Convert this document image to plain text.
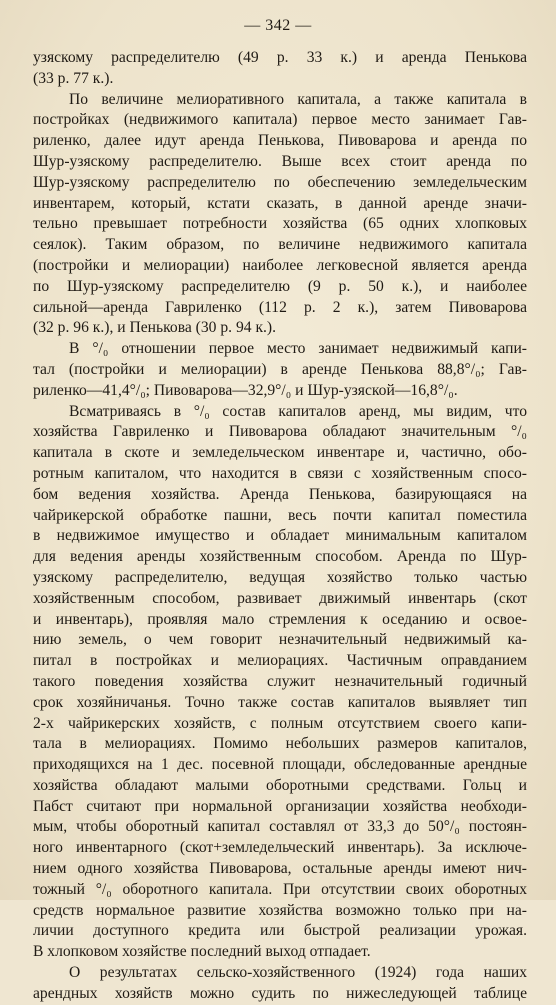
— 342 —
узяскому распределителю (49 р. 33 к.) и аренда Пенькова
(33 р. 77 к.).
По величине мелиоративного капитала, а также капитала в
постройках (недвижимого капитала) первое место занимает Гав-
риленко, далее идут аренда Пенькова, Пивоварова и аренда по
Шур-узяскому распределителю. Выше всех стоит аренда по
Шур-узяскому распределителю по обеспечению земледельческим
инвентарем, который, кстати сказать, в данной аренде значи-
тельно превышает потребности хозяйства (65 одних хлопковых
сеялок). Таким образом, по величине недвижимого капитала
(постройки и мелиорации) наиболее легковесной является аренда
по Шур-узяскому распределителю (9 р. 50 к.), и наиболее
сильной—аренда Гавриленко (112 р. 2 к.), затем Пивоварова
(32 р. 96 к.), и Пенькова (30 р. 94 к.).
В °/₀ отношении первое место занимает недвижимый капи-
тал (постройки и мелиорации) в аренде Пенькова 88,8°/₀; Гав-
риленко—41,4°/₀; Пивоварова—32,9°/₀ и Шур-узяской—16,8°/₀.
Всматриваясь в °/₀ состав капиталов аренд, мы видим, что
хозяйства Гавриленко и Пивоварова обладают значительным °/₀
капитала в скоте и земледельческом инвентаре и, частично, обо-
ротным капиталом, что находится в связи с хозяйственным спосо-
бом ведения хозяйства. Аренда Пенькова, базирующаяся на
чайрикерской обработке пашни, весь почти капитал поместила
в недвижимое имущество и обладает минимальным капиталом
для ведения аренды хозяйственным способом. Аренда по Шур-
узяскому распределителю, ведущая хозяйство только частью
хозяйственным способом, развивает движимый инвентарь (скот
и инвентарь), проявляя мало стремления к оседанию и освое-
нию земель, о чем говорит незначительный недвижимый ка-
питал в постройках и мелиорациях. Частичным оправданием
такого поведения хозяйства служит незначительный годичный
срок хозяйничанья. Точно также состав капиталов выявляет тип
2-х чайрикерских хозяйств, с полным отсутствием своего капи-
тала в мелиорациях. Помимо небольших размеров капиталов,
приходящихся на 1 дес. посевной площади, обследованные арендные
хозяйства обладают малыми оборотными средствами. Гольц и
Пабст считают при нормальной организации хозяйства необходи-
мым, чтобы оборотный капитал составлял от 33,3 до 50°/₀ постоян-
ного инвентарного (скот+земледельческий инвентарь). За исключе-
нием одного хозяйства Пивоварова, остальные аренды имеют нич-
тожный °/₀ оборотного капитала. При отсутствии своих оборотных
средств нормальное развитие хозяйства возможно только при на-
личии доступного кредита или быстрой реализации урожая.
В хлопковом хозяйстве последний выход отпадает.
О результатах сельско-хозяйственного (1924) года наших
арендных хозяйств можно судить по нижеследующей таблице
